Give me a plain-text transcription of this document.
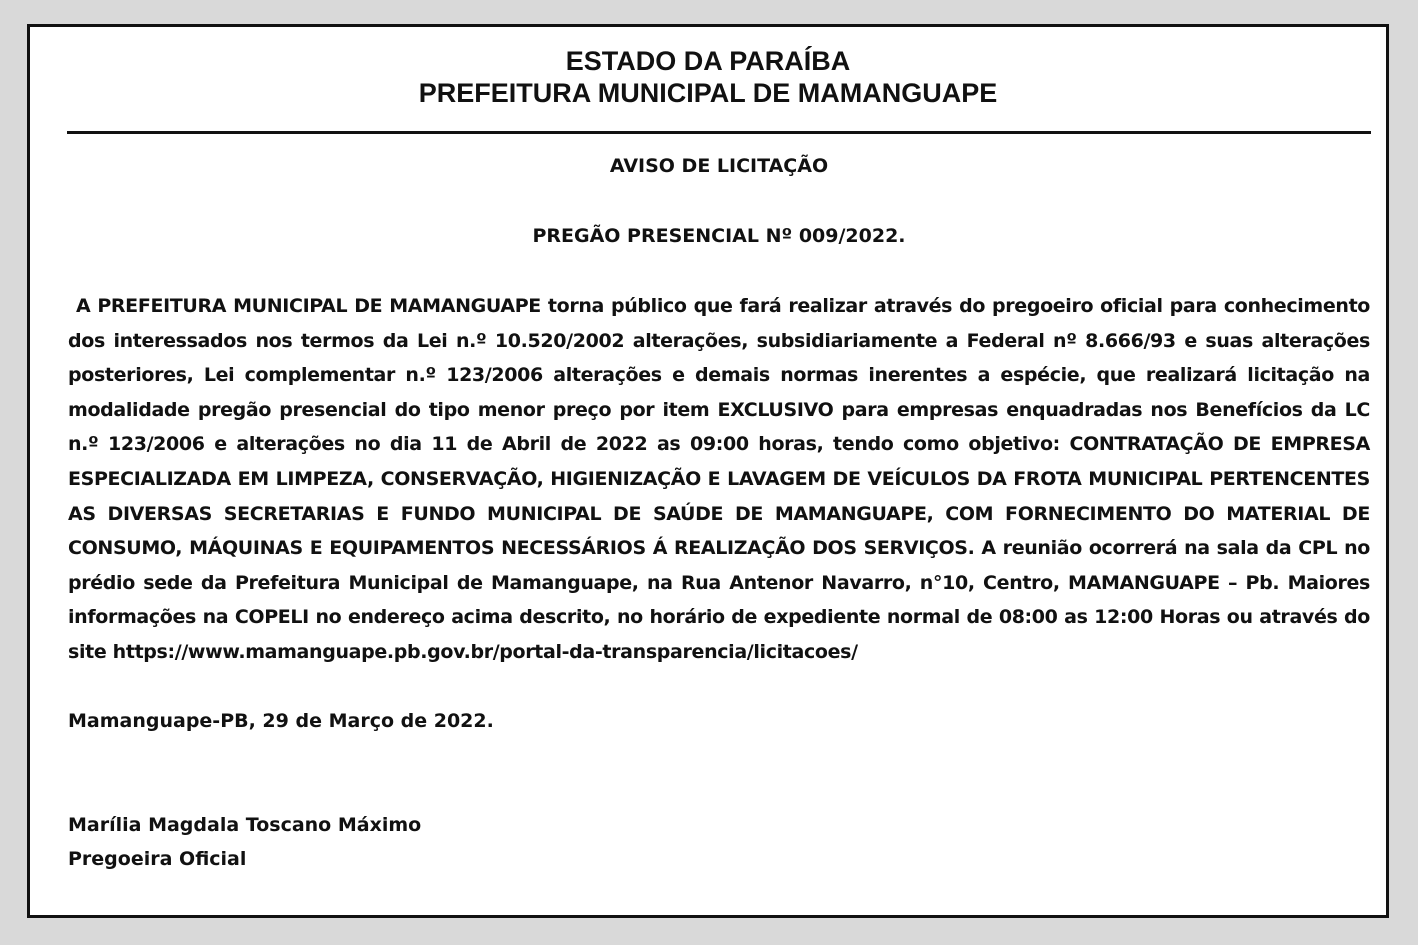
ESTADO DA PARAÍBA
PREFEITURA MUNICIPAL DE MAMANGUAPE

AVISO DE LICITAÇÃO

PREGÃO PRESENCIAL Nº 009/2022.

A PREFEITURA MUNICIPAL DE MAMANGUAPE torna público que fará realizar através do pregoeiro oficial para conhecimento dos interessados nos termos da Lei n.º 10.520/2002 alterações, subsidiariamente a Federal nº 8.666/93 e suas alterações posteriores, Lei complementar n.º 123/2006 alterações e demais normas inerentes a espécie, que realizará licitação na modalidade pregão presencial do tipo menor preço por item EXCLUSIVO para empresas enquadradas nos Benefícios da LC n.º 123/2006 e alterações no dia 11 de Abril de 2022 as 09:00 horas, tendo como objetivo: CONTRATAÇÃO DE EMPRESA ESPECIALIZADA EM LIMPEZA, CONSERVAÇÃO, HIGIENIZAÇÃO E LAVAGEM DE VEÍCULOS DA FROTA MUNICIPAL PERTENCENTES AS DIVERSAS SECRETARIAS E FUNDO MUNICIPAL DE SAÚDE DE MAMANGUAPE, COM FORNECIMENTO DO MATERIAL DE CONSUMO, MÁQUINAS E EQUIPAMENTOS NECESSÁRIOS Á REALIZAÇÃO DOS SERVIÇOS. A reunião ocorrerá na sala da CPL no prédio sede da Prefeitura Municipal de Mamanguape, na Rua Antenor Navarro, n°10, Centro, MAMANGUAPE – Pb. Maiores informações na COPELI no endereço acima descrito, no horário de expediente normal de 08:00 as 12:00 Horas ou através do site https://www.mamanguape.pb.gov.br/portal-da-transparencia/licitacoes/

Mamanguape-PB, 29 de Março de 2022.

Marília Magdala Toscano Máximo

Pregoeira Oficial
